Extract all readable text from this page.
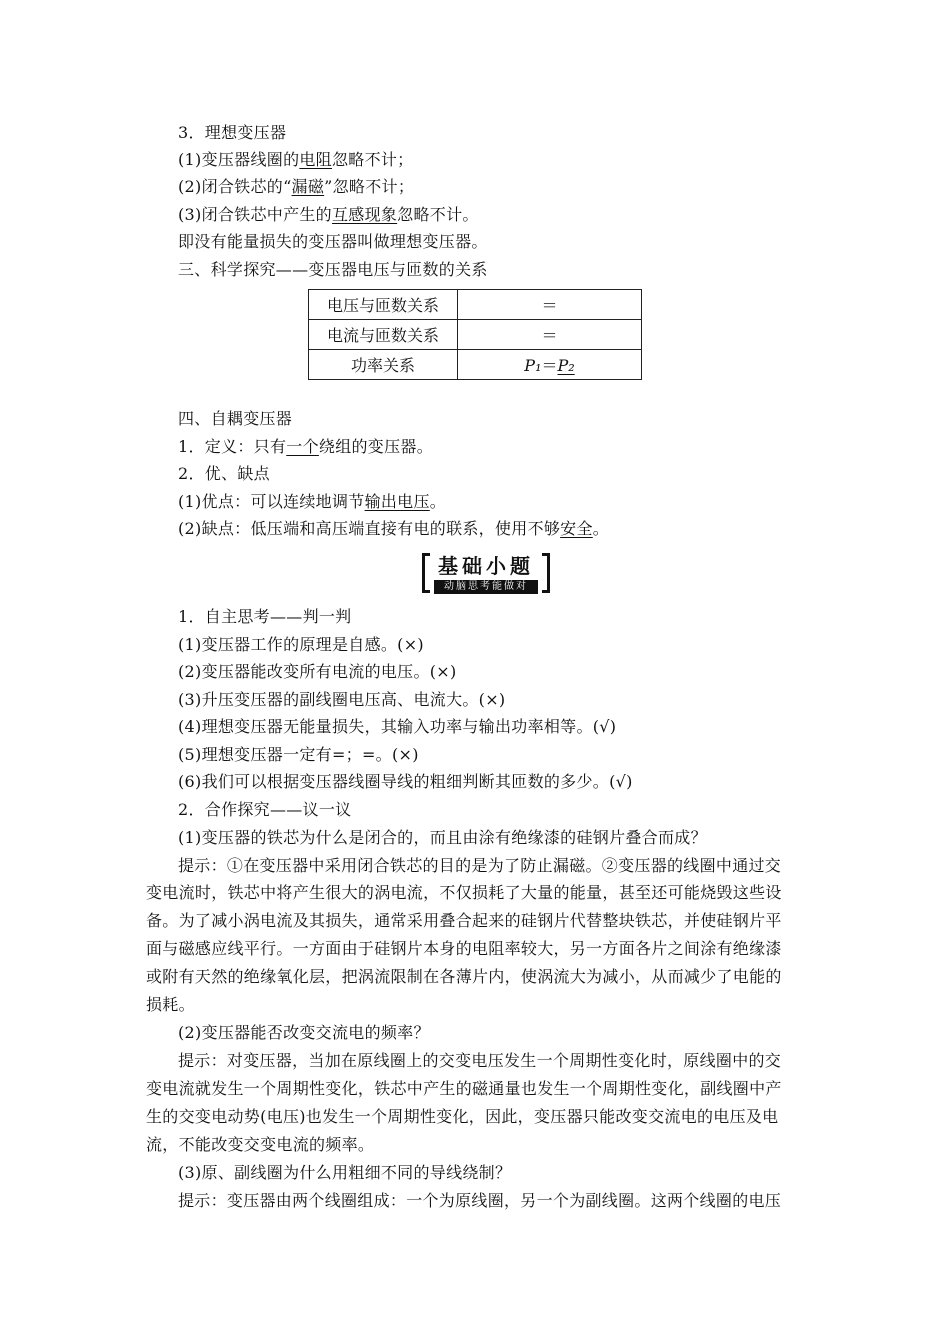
3．理想变压器
(1)变压器线圈的电阻忽略不计；
(2)闭合铁芯的“漏磁”忽略不计；
(3)闭合铁芯中产生的互感现象忽略不计。
即没有能量损失的变压器叫做理想变压器。
三、科学探究——变压器电压与匝数的关系
电压与匝数关系	＝
电流与匝数关系	＝
功率关系	P₁＝P₂
四、自耦变压器
1．定义：只有一个绕组的变压器。
2．优、缺点
(1)优点：可以连续地调节输出电压。
(2)缺点：低压端和高压端直接有电的联系，使用不够安全。
基础小题
动脑思考能做对
1．自主思考——判一判
(1)变压器工作的原理是自感。(×)
(2)变压器能改变所有电流的电压。(×)
(3)升压变压器的副线圈电压高、电流大。(×)
(4)理想变压器无能量损失，其输入功率与输出功率相等。(√)
(5)理想变压器一定有=；=。(×)
(6)我们可以根据变压器线圈导线的粗细判断其匝数的多少。(√)
2．合作探究——议一议
(1)变压器的铁芯为什么是闭合的，而且由涂有绝缘漆的硅钢片叠合而成？
提示：①在变压器中采用闭合铁芯的目的是为了防止漏磁。②变压器的线圈中通过交
变电流时，铁芯中将产生很大的涡电流，不仅损耗了大量的能量，甚至还可能烧毁这些设
备。为了减小涡电流及其损失，通常采用叠合起来的硅钢片代替整块铁芯，并使硅钢片平
面与磁感应线平行。一方面由于硅钢片本身的电阻率较大，另一方面各片之间涂有绝缘漆
或附有天然的绝缘氧化层，把涡流限制在各薄片内，使涡流大为减小，从而减少了电能的
损耗。
(2)变压器能否改变交流电的频率？
提示：对变压器，当加在原线圈上的交变电压发生一个周期性变化时，原线圈中的交
变电流就发生一个周期性变化，铁芯中产生的磁通量也发生一个周期性变化，副线圈中产
生的交变电动势(电压)也发生一个周期性变化，因此，变压器只能改变交流电的电压及电
流，不能改变交变电流的频率。
(3)原、副线圈为什么用粗细不同的导线绕制？
提示：变压器由两个线圈组成：一个为原线圈，另一个为副线圈。这两个线圈的电压
